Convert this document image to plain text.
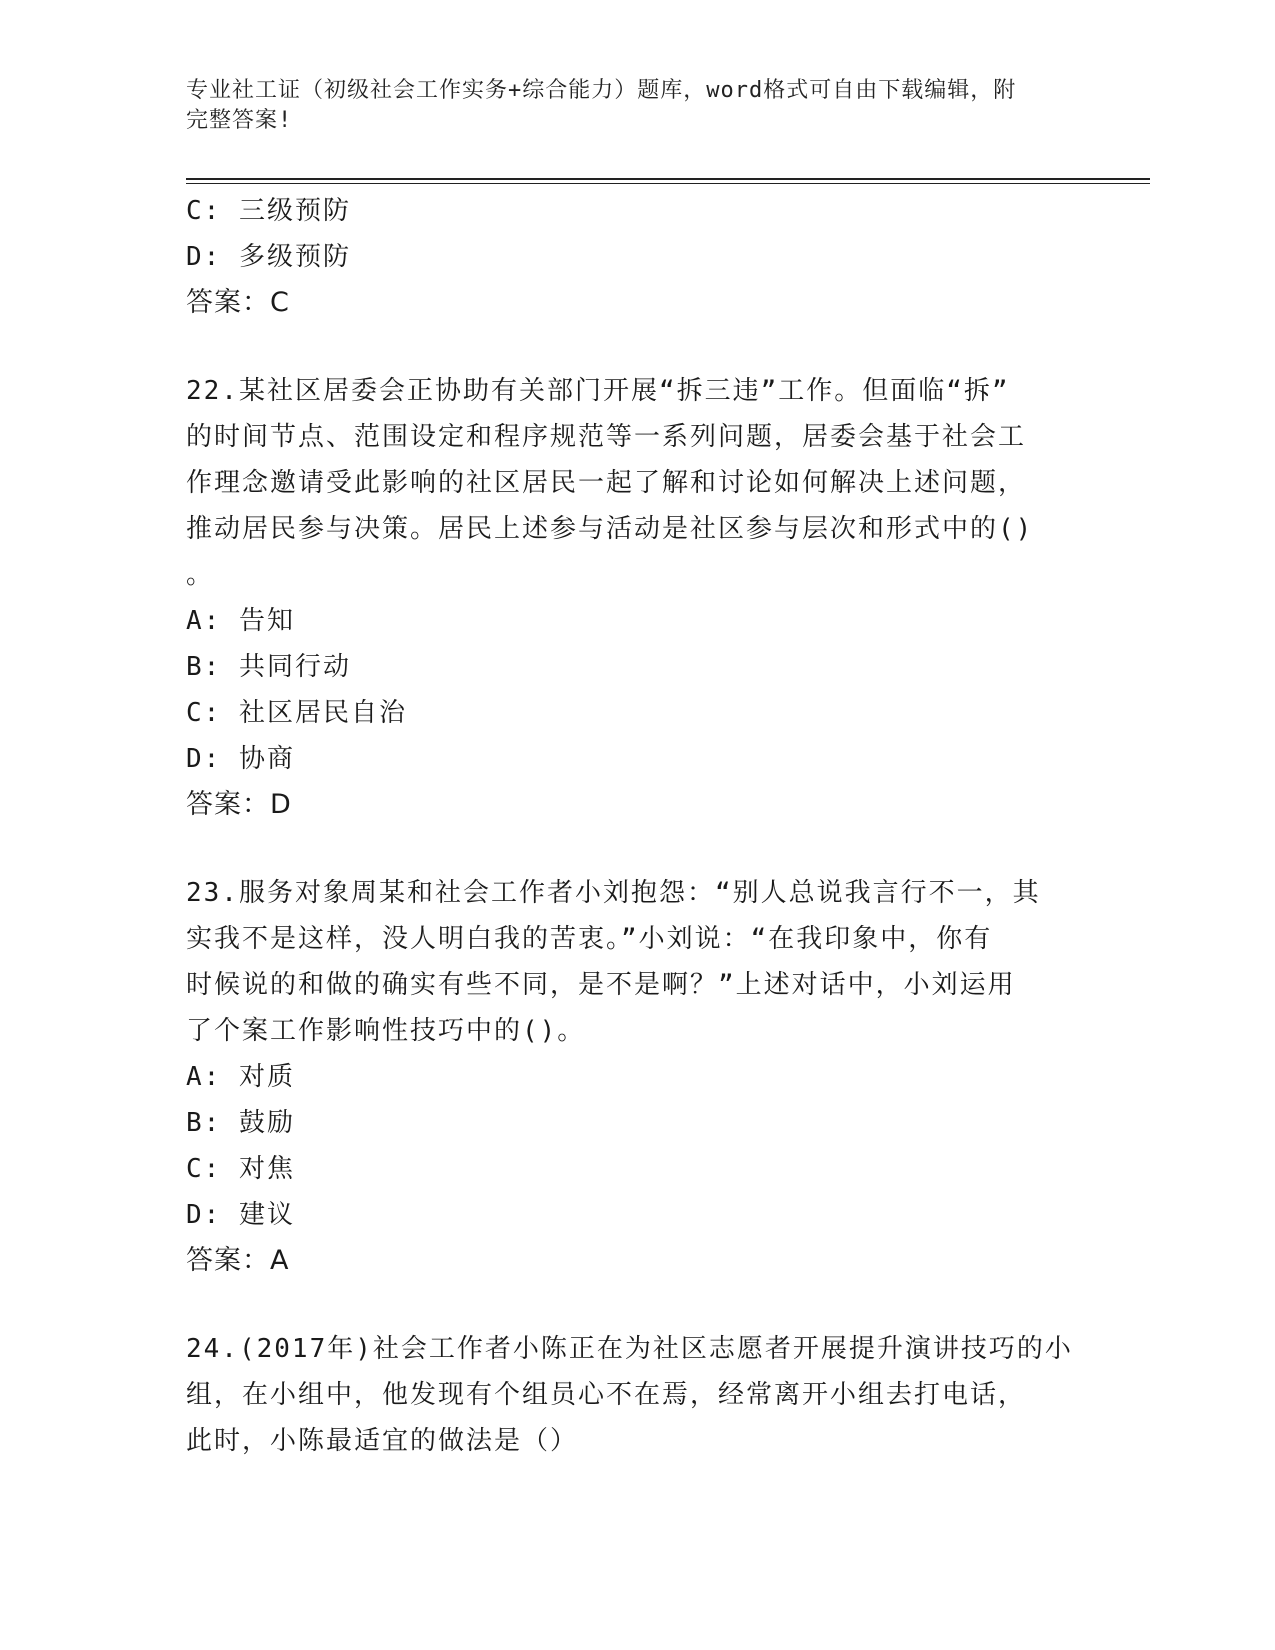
专业社工证（初级社会工作实务+综合能力）题库，word格式可自由下载编辑，附
完整答案!
C: 三级预防
D: 多级预防
答案：C
22.某社区居委会正协助有关部门开展“拆三违”工作。但面临“拆”
的时间节点、范围设定和程序规范等一系列问题，居委会基于社会工
作理念邀请受此影响的社区居民一起了解和讨论如何解决上述问题，
推动居民参与决策。居民上述参与活动是社区参与层次和形式中的()
。
A: 告知
B: 共同行动
C: 社区居民自治
D: 协商
答案：D
23.服务对象周某和社会工作者小刘抱怨：“别人总说我言行不一，其
实我不是这样，没人明白我的苦衷。”小刘说：“在我印象中，你有
时候说的和做的确实有些不同，是不是啊？”上述对话中，小刘运用
了个案工作影响性技巧中的()。
A: 对质
B: 鼓励
C: 对焦
D: 建议
答案：A
24.(2017年)社会工作者小陈正在为社区志愿者开展提升演讲技巧的小
组，在小组中，他发现有个组员心不在焉，经常离开小组去打电话，
此时，小陈最适宜的做法是（）
